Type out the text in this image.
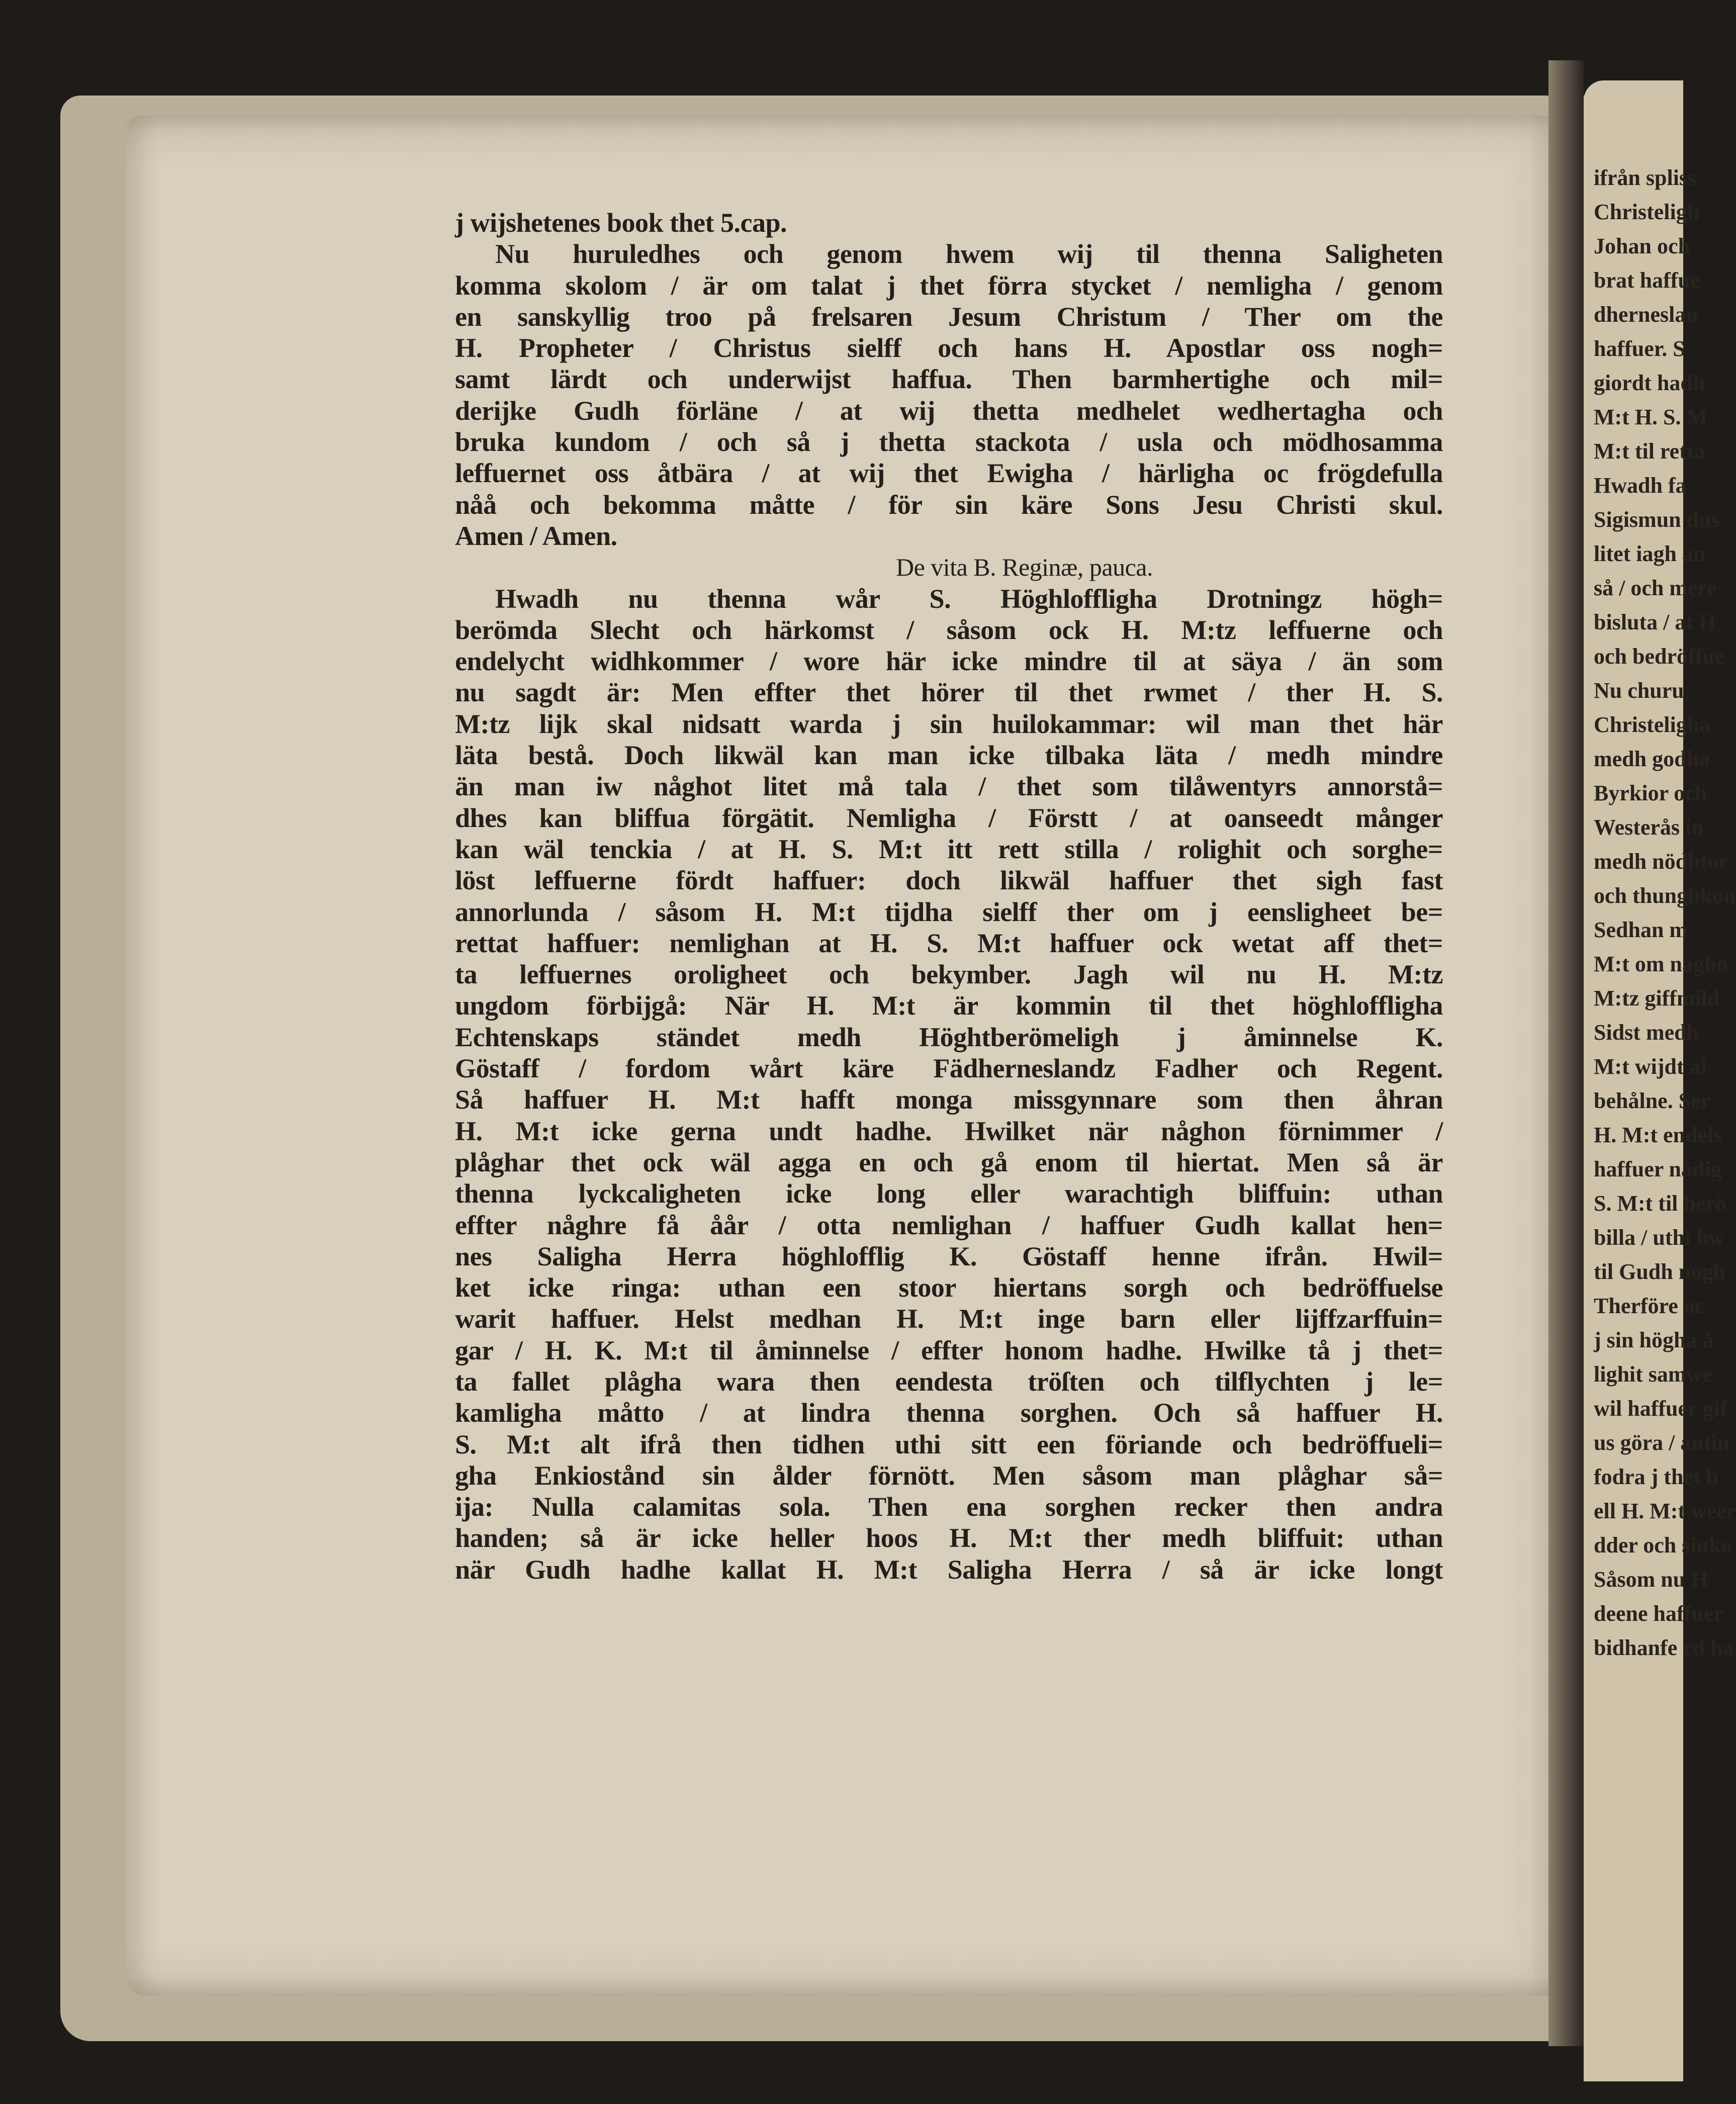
ifrån spliss
Christeligh
Johan och
brat haffue
dherneslan
haffuer. S
giordt hadh
M:t H. S. M
M:t til retta
Hwadh fa
Sigismun dus
litet iagh an
så / och mere
bisluta / at H
och bedröffue
Nu churu
Christeligha
medh godha
Byrkior och
Westerås in
medh nödhtor
och thunghkon
Sedhan m
M:t om nagho
M:tz giffmild
Sidst medh
M:t wijdt al
behålne. Ser
H. M:t endels
haffuer nådig
S. M:t til berö
billa / uthi hw
til Gudh nogh
Therföre oc
j sin högha å
lighit samwe
wil haffuer gif
us göra / antin
fodra j thet b
ell H. M:t weer
dder och siuko
Såsom nu H
deene haffuer
bidhanfe rd ha
j wijshetenes book thet 5.cap.
Nu huruledhes och genom hwem wij til thenna Saligheten
komma skolom / är om talat j thet förra stycket / nemligha / genom
en sanskyllig troo på frelsaren Jesum Christum / Ther om the
H. Propheter / Christus sielff och hans H. Apostlar oss nogh=
samt lärdt och underwijst haffua. Then barmhertighe och mil=
derijke Gudh förläne / at wij thetta medhelet wedhertagha och
bruka kundom / och så j thetta stackota / usla och mödhosamma
leffuernet oss åtbära / at wij thet Ewigha / härligha oc frögdefulla
nåå och bekomma måtte / för sin käre Sons Jesu Christi skul.
Amen / Amen.
De vita B. Reginæ, pauca.
Hwadh nu thenna wår S. Höghlofflighа Drotningz högh=
berömda Slecht och härkomst / såsom ock H. M:tz leffuerne och
endelycht widhkommer / wore här icke mindre til at säya / än som
nu sagdt är: Men effter thet hörer til thet rwmet / ther H. S.
M:tz lijk skal nidsatt warda j sin huilokammar: wil man thet här
läta bestå. Doch likwäl kan man icke tilbaka läta / medh mindre
än man iw någhot litet må tala / thet som tilåwentyrs annorstå=
dhes kan bliffua förgätit. Nemligha / Förstt / at oanseedt månger
kan wäl tenckia / at H. S. M:t itt rett stilla / rolighit och sorghe=
löst leffuerne fördt haffuer: doch likwäl haffuer thet sigh fast
annorlunda / såsom H. M:t tijdha sielff ther om j eensligheet be=
rettat haffuer: nemlighan at H. S. M:t haffuer ock wetat aff thet=
ta leffuernes oroligheet och bekymber. Jagh wil nu H. M:tz
ungdom förbijgå: När H. M:t är kommin til thet höghlofflighа
Echtenskaps ständet medh Höghtberömeligh j åminnelse K.
Göstaff / fordom wårt käre Fädherneslandz Fadher och Regent.
Så haffuer H. M:t hafft monga missgynnare som then åhran
H. M:t icke gerna undt hadhe. Hwilket när någhon förnimmer /
plåghar thet ock wäl agga en och gå enom til hiertat. Men så är
thenna lyckсaligheten icke long eller warachtigh bliffuin: uthan
effter någhre få åår / otta nemlighan / haffuer Gudh kallat hen=
nes Saligha Herra höghlofflig K. Göstaff henne ifrån. Hwil=
ket icke ringa: uthan een stoor hiertans sorgh och bedröffuelse
warit haffuer. Helst medhan H. M:t inge barn eller lijffzarffuin=
gar / H. K. M:t til åminnelse / effter honom hadhe. Hwilke tå j thet=
ta fallet plågha wara then eendesta tröſten och tilflychten j le=
kamligha måtto / at lindra thenna sorghen. Och så haffuer H.
S. M:t alt ifrå then tidhen uthi sitt een föriande och bedröffueli=
gha Enkiostånd sin ålder förnött. Men såsom man plåghar så=
ija: Nulla calamitas sola. Then ena sorghen recker then andra
handen; så är icke heller hoos H. M:t ther medh bliffuit: uthan
när Gudh hadhe kallat H. M:t Saligha Herra / så är icke longt
